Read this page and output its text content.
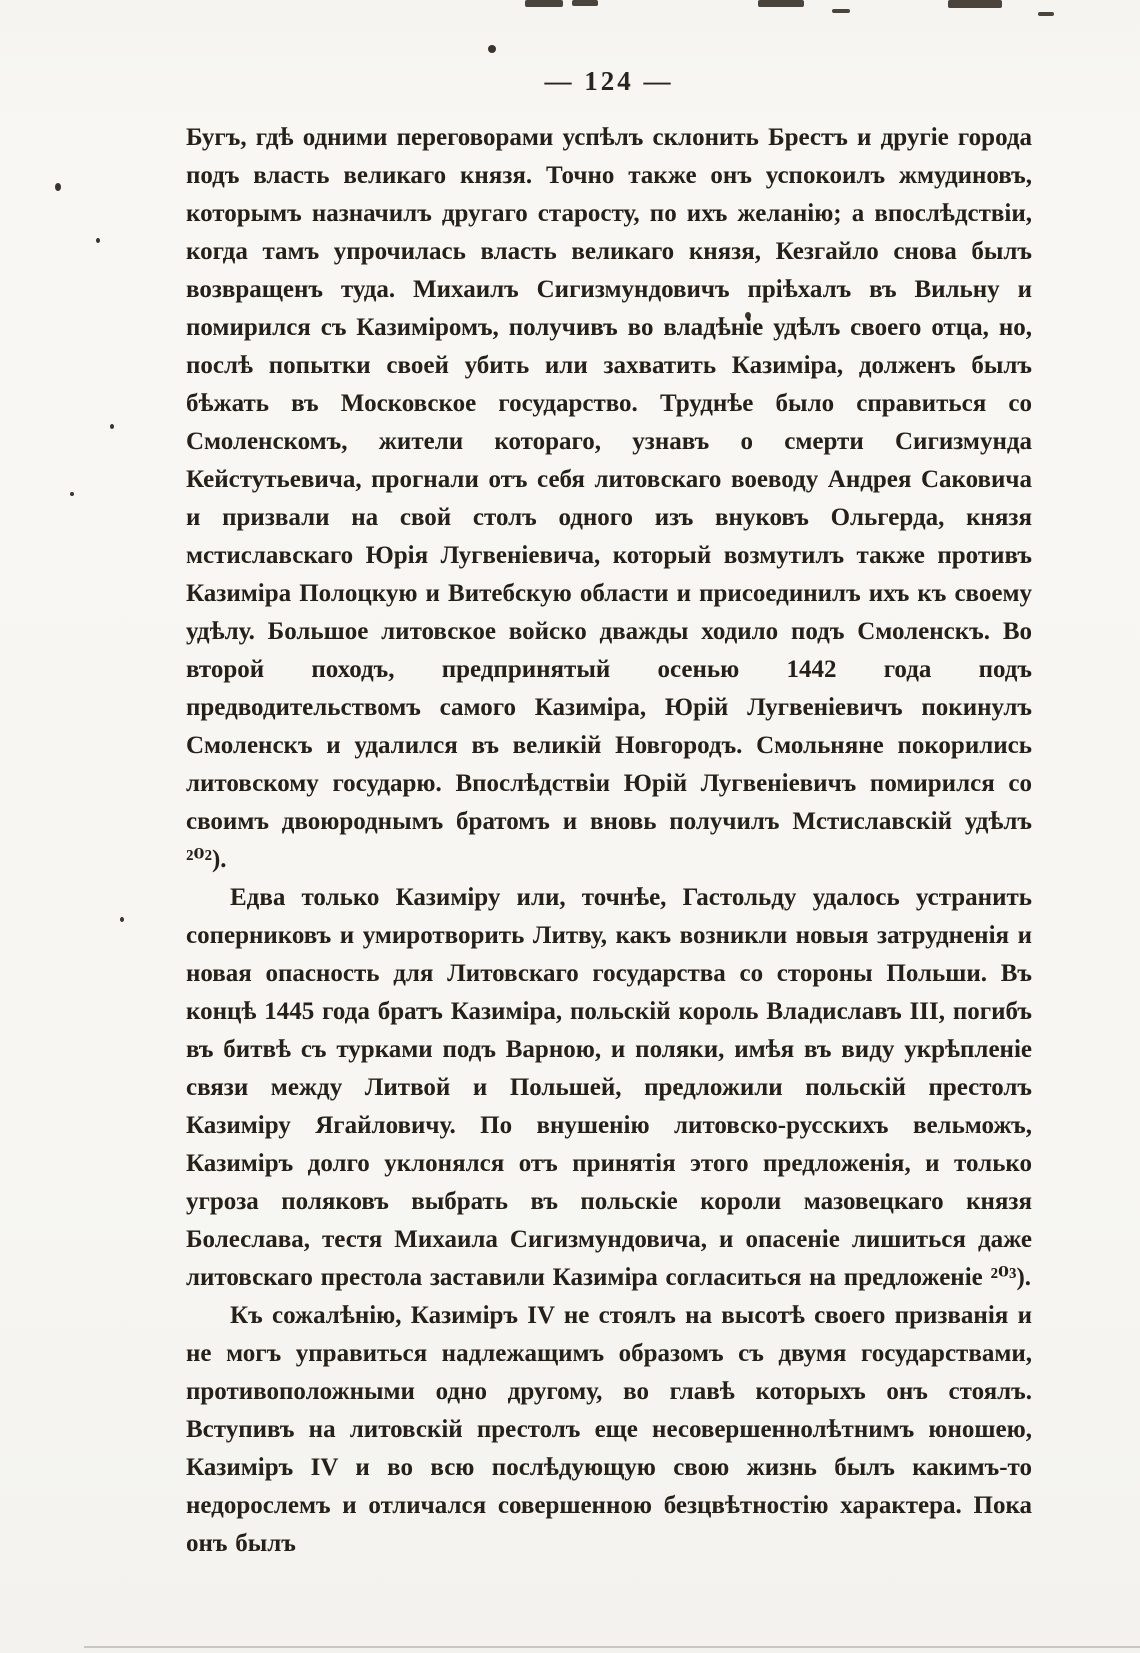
— 124 —

Бугъ, гдѣ одними переговорами успѣлъ склонить Брестъ и другіе города подъ власть великаго князя. Точно также онъ успокоилъ жмудиновъ, которымъ назначилъ другаго старосту, по ихъ желанію; а впослѣдствіи, когда тамъ упрочилась власть великаго князя, Кезгайло снова былъ возвращенъ туда. Михаилъ Сигизмундовичъ пріѣхалъ въ Вильну и помирился съ Казиміромъ, получивъ во владѣніе удѣлъ своего отца, но, послѣ попытки своей убить или захватить Казиміра, долженъ былъ бѣжать въ Московское государство. Труднѣе было справиться со Смоленскомъ, жители котораго, узнавъ о смерти Сигизмунда Кейстутьевича, прогнали отъ себя литовскаго воеводу Андрея Саковича и призвали на свой столъ одного изъ внуковъ Ольгерда, князя мстиславскаго Юрія Лугвеніевича, который возмутилъ также противъ Казиміра Полоцкую и Витебскую области и присоединилъ ихъ къ своему удѣлу. Большое литовское войско дважды ходило подъ Смоленскъ. Во второй походъ, предпринятый осенью 1442 года подъ предводительствомъ самого Казиміра, Юрій Лугвеніевичъ покинулъ Смоленскъ и удалился въ великій Новгородъ. Смольняне покорились литовскому государю. Впослѣдствіи Юрій Лугвеніевичъ помирился со своимъ двоюроднымъ братомъ и вновь получилъ Мстиславскій удѣлъ ²⁰²).

Едва только Казиміру или, точнѣе, Гастольду удалось устранить соперниковъ и умиротворить Литву, какъ возникли новыя затрудненія и новая опасность для Литовскаго государства со стороны Польши. Въ концѣ 1445 года братъ Казиміра, польскій король Владиславъ III, погибъ въ битвѣ съ турками подъ Варною, и поляки, имѣя въ виду укрѣпленіе связи между Литвой и Польшей, предложили польскій престолъ Казиміру Ягайловичу. По внушенію литовско-русскихъ вельможъ, Казиміръ долго уклонялся отъ принятія этого предложенія, и только угроза поляковъ выбрать въ польскіе короли мазовецкаго князя Болеслава, тестя Михаила Сигизмундовича, и опасеніе лишиться даже литовскаго престола заставили Казиміра согласиться на предложеніе ²⁰³).

Къ сожалѣнію, Казиміръ IV не стоялъ на высотѣ своего призванія и не могъ управиться надлежащимъ образомъ съ двумя государствами, противоположными одно другому, во главѣ которыхъ онъ стоялъ. Вступивъ на литовскій престолъ еще несовершеннолѣтнимъ юношею, Казиміръ IV и во всю послѣдующую свою жизнь былъ какимъ-то недорослемъ и отличался совершенною безцвѣтностію характера. Пока онъ былъ
